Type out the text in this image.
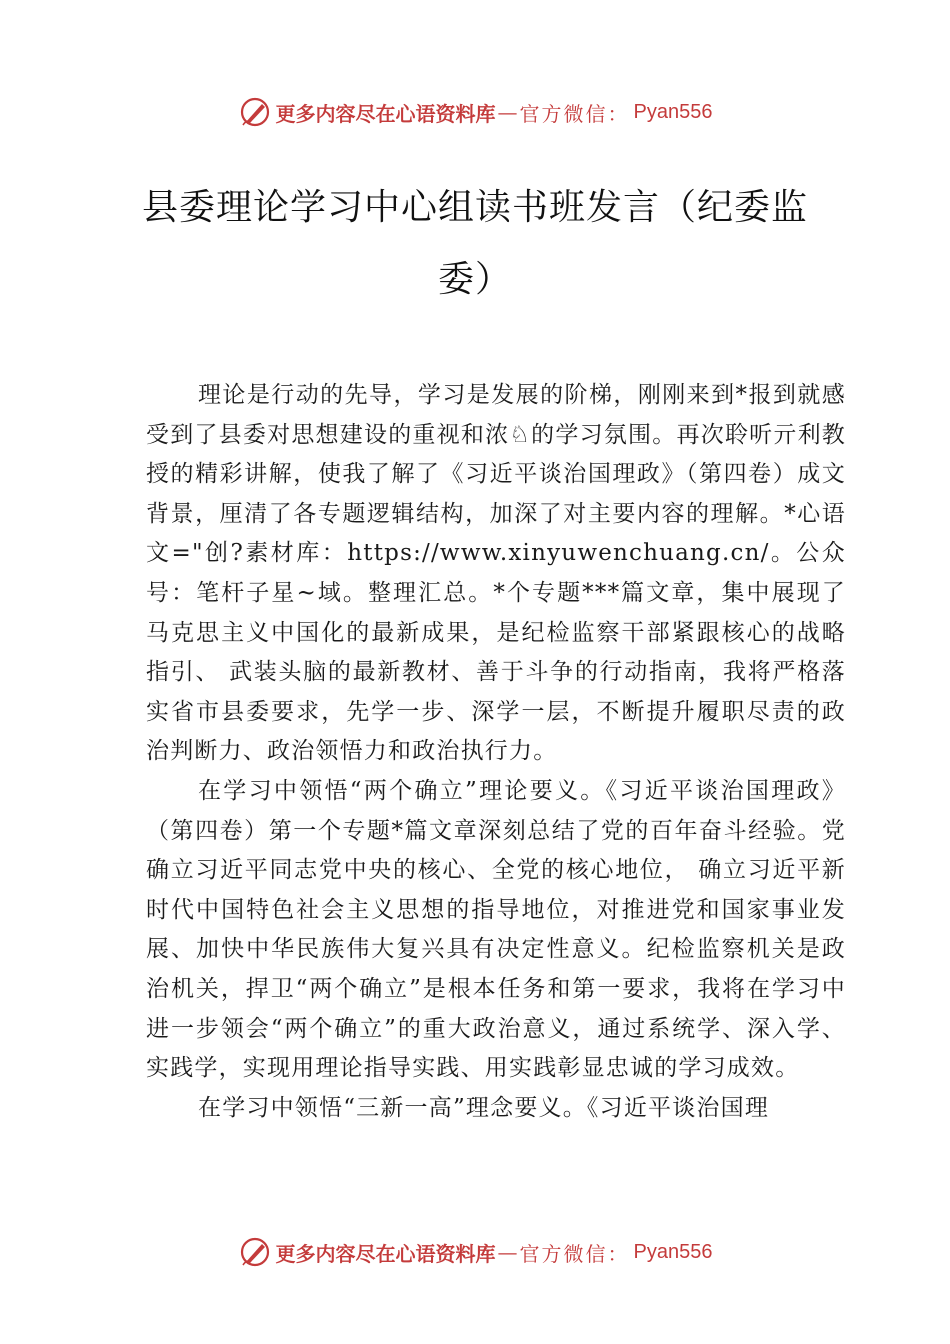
更多内容尽在心语资料库 — 官方微信： Pyan556
县委理论学习中心组读书班发言（纪委监委）

理论是行动的先导，学习是发展的阶梯，刚刚来到*报到就感受到了县委对思想建设的重视和浓♘的学习氛围。再次聆听亓利教授的精彩讲解，使我了解了《习近平谈治国理政》（第四卷）成文背景，厘清了各专题逻辑结构，加深了对主要内容的理解。*心语文="创?素材库：https://www.xinyuwenchuang.cn/。公众号：笔杆子星~域。整理汇总。*个专题***篇文章，集中展现了马克思主义中国化的最新成果，是纪检监察干部紧跟核心的战略指引、 武装头脑的最新教材、善于斗争的行动指南，我将严格落实省市县委要求，先学一步、深学一层，不断提升履职尽责的政治判断力、政治领悟力和政治执行力。

在学习中领悟“两个确立”理论要义。《习近平谈治国理政》（第四卷）第一个专题*篇文章深刻总结了党的百年奋斗经验。党确立习近平同志党中央的核心、全党的核心地位， 确立习近平新时代中国特色社会主义思想的指导地位，对推进党和国家事业发展、加快中华民族伟大复兴具有决定性意义。纪检监察机关是政治机关，捍卫“两个确立”是根本任务和第一要求，我将在学习中进一步领会“两个确立”的重大政治意义，通过系统学、深入学、实践学，实现用理论指导实践、用实践彰显忠诚的学习成效。

在学习中领悟“三新一高”理念要义。《习近平谈治国理

更多内容尽在心语资料库 — 官方微信： Pyan556
